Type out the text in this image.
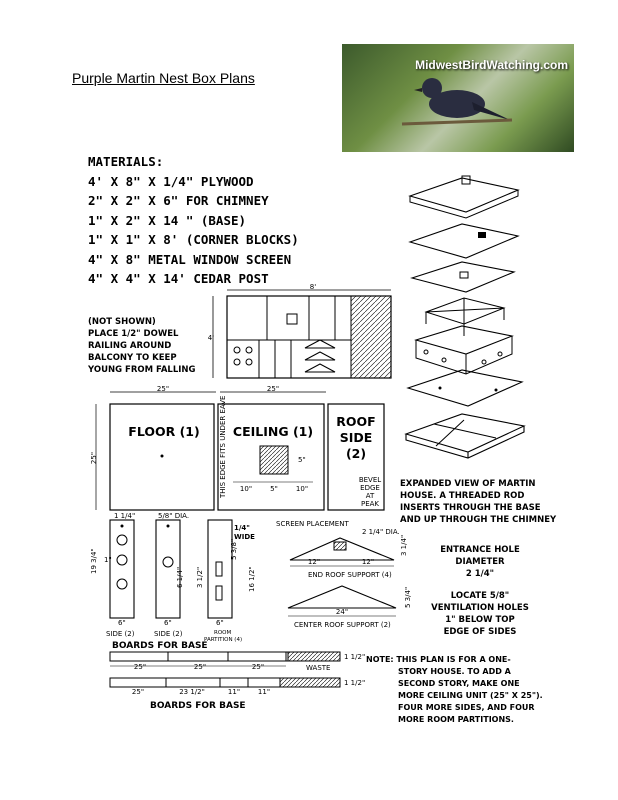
Purple Martin Nest Box Plans
MidwestBirdWatching.com
MATERIALS:
4' X 8" X 1/4" PLYWOOD
2" X 2" X 6" FOR CHIMNEY
1" X 2" X 14 " (BASE)
1" X 1" X 8' (CORNER BLOCKS)
4" X 8" METAL WINDOW SCREEN
4" X 4" X 14' CEDAR POST
(NOT SHOWN)
PLACE 1/2" DOWEL
RAILING AROUND
BALCONY TO KEEP
YOUNG FROM FALLING
8'
4'
25"	25"
25"	THIS EDGE FITS UNDER EAVE 10"	5"	10"
5"
BEVEL
EDGE
AT
PEAK
FLOOR (1)	CEILING (1)
ROOF
SIDE
(2)
EXPANDED VIEW OF MARTIN
HOUSE. A THREADED ROD
INSERTS THROUGH THE BASE
AND UP THROUGH THE CHIMNEY
19 3/4"
1 1/4"
1"
6"
SIDE (2)
5/8" DIA.
6 1/4"
6"
SIDE (2)
3 1/2"
5 3/8"
16 1/2"
6"
ROOM
PARTITION (4)
1/4"
WIDE
SCREEN PLACEMENT
2 1/4" DIA.
12"	12"
3 1/4"
END ROOF SUPPORT (4)
24"
5 3/4"
CENTER ROOF SUPPORT (2)
ENTRANCE HOLE
DIAMETER
2 1/4"
LOCATE 5/8"
VENTILATION HOLES
1" BELOW TOP
EDGE OF SIDES
BOARDS FOR BASE
25"	25"	25"	WASTE
1 1/2"
25"	23 1/2"	11"	11"
1 1/2"
BOARDS FOR BASE
NOTE: THIS PLAN IS FOR A ONE-
STORY HOUSE. TO ADD A
SECOND STORY, MAKE ONE
MORE CEILING UNIT (25" X 25").
FOUR MORE SIDES, AND FOUR
MORE ROOM PARTITIONS.
